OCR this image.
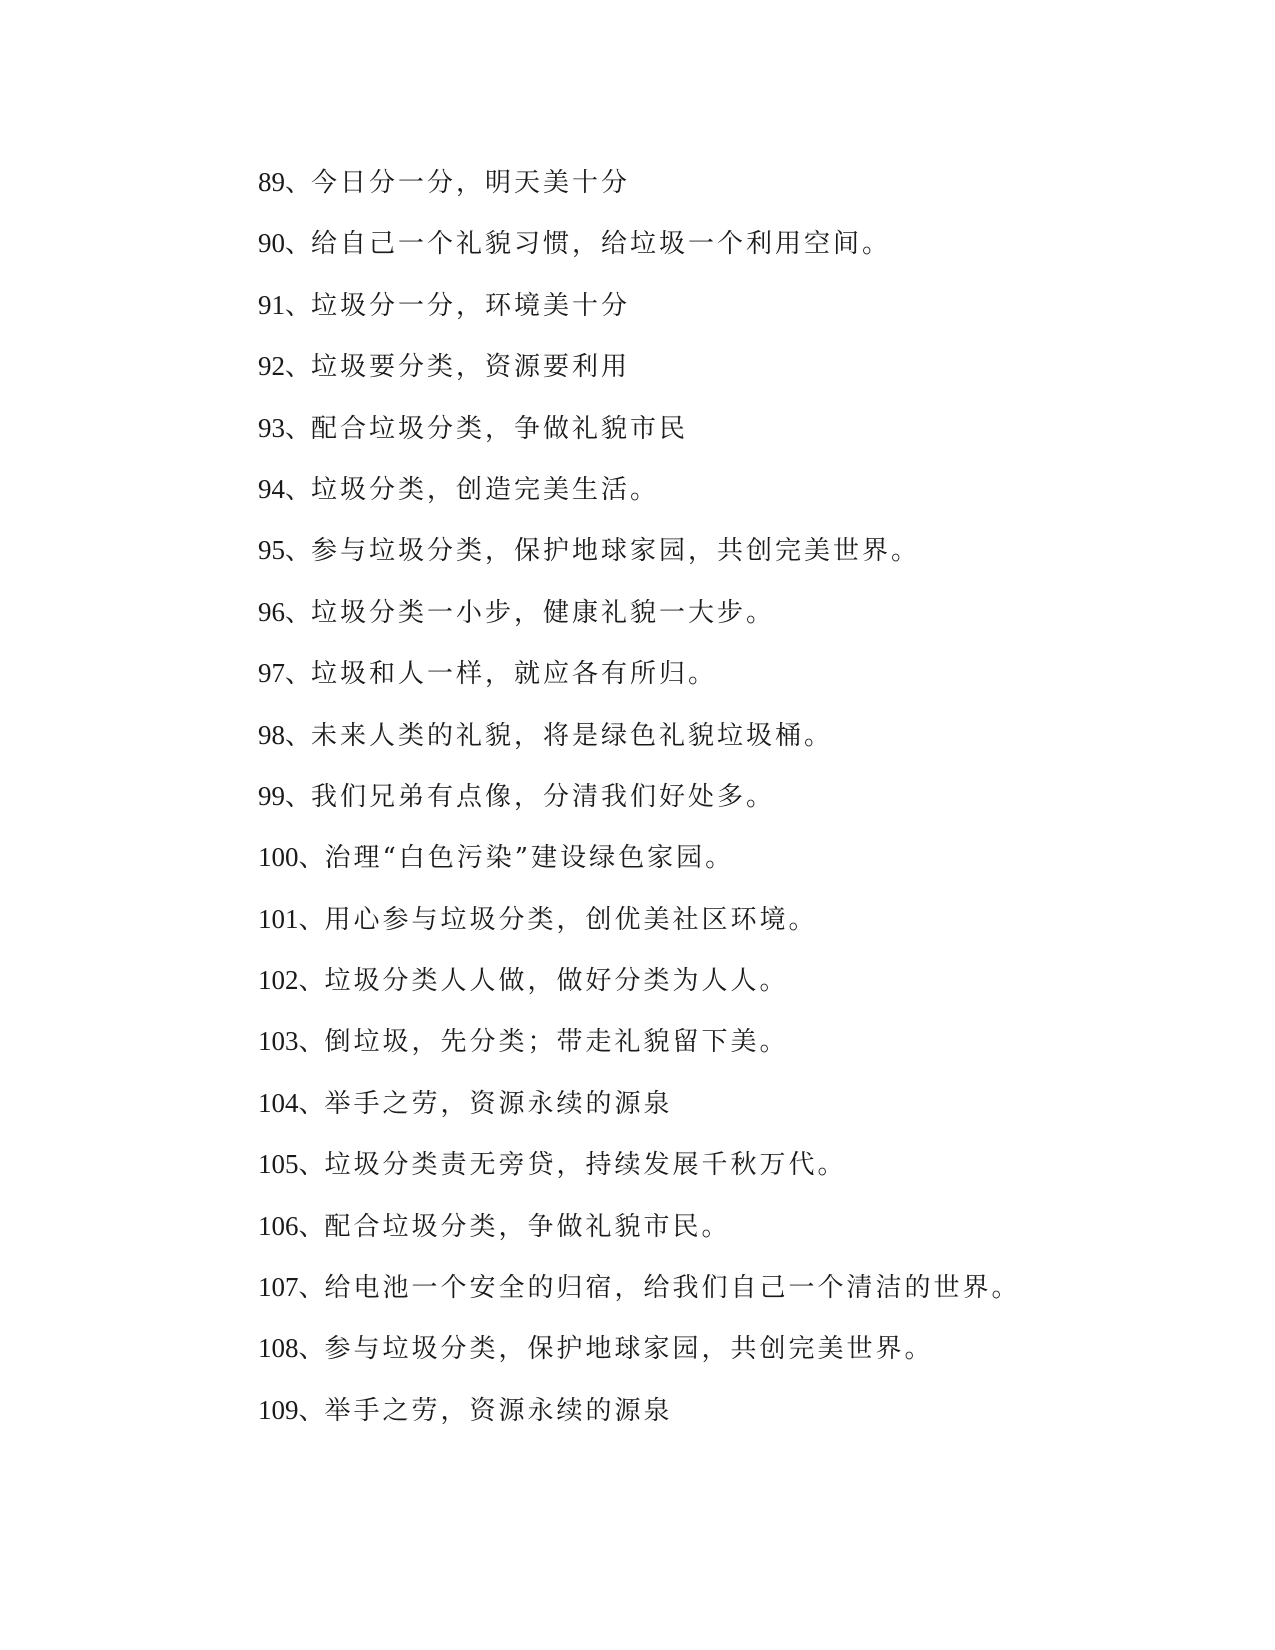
89、今日分一分，明天美十分
90、给自己一个礼貌习惯，给垃圾一个利用空间。
91、垃圾分一分，环境美十分
92、垃圾要分类，资源要利用
93、配合垃圾分类，争做礼貌市民
94、垃圾分类，创造完美生活。
95、参与垃圾分类，保护地球家园，共创完美世界。
96、垃圾分类一小步，健康礼貌一大步。
97、垃圾和人一样，就应各有所归。
98、未来人类的礼貌，将是绿色礼貌垃圾桶。
99、我们兄弟有点像，分清我们好处多。
100、治理“白色污染”建设绿色家园。
101、用心参与垃圾分类，创优美社区环境。
102、垃圾分类人人做，做好分类为人人。
103、倒垃圾，先分类；带走礼貌留下美。
104、举手之劳，资源永续的源泉
105、垃圾分类责无旁贷，持续发展千秋万代。
106、配合垃圾分类，争做礼貌市民。
107、给电池一个安全的归宿，给我们自己一个清洁的世界。
108、参与垃圾分类，保护地球家园，共创完美世界。
109、举手之劳，资源永续的源泉
